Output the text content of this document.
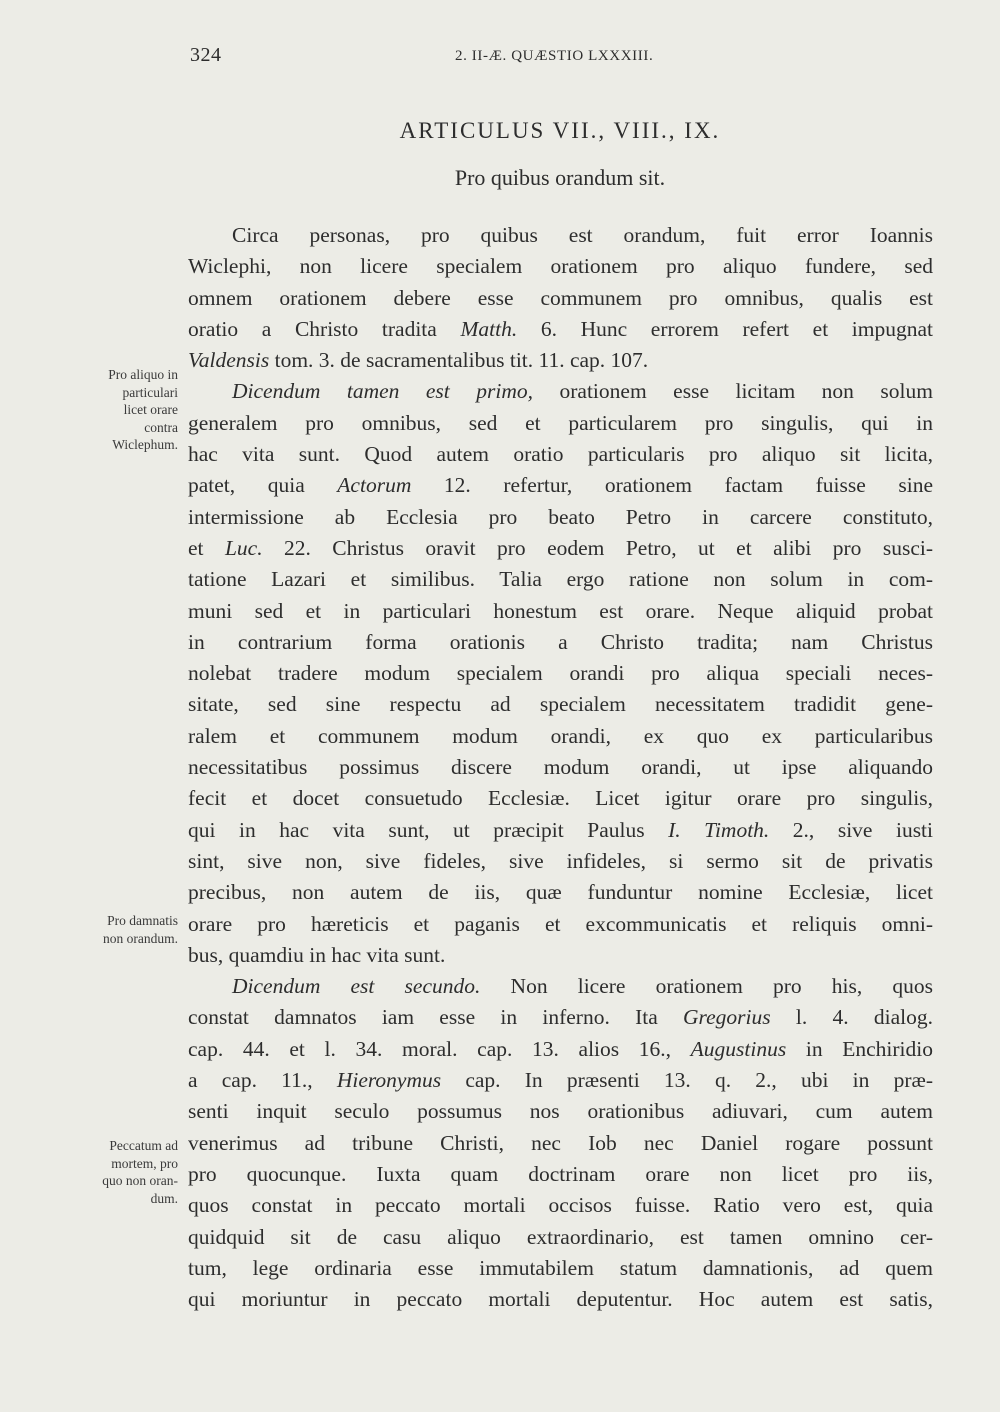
324	2. II-Æ. QUÆSTIO LXXXIII.
ARTICULUS VII., VIII., IX.
Pro quibus orandum sit.
Pro aliquo in
particulari
licet orare
contra
Wiclephum.
Pro damnatis
non orandum.
Peccatum ad
mortem, pro
quo non oran-
dum.
Circa personas, pro quibus est orandum, fuit error Ioannis
Wiclephi, non licere specialem orationem pro aliquo fundere, sed
omnem orationem debere esse communem pro omnibus, qualis est
oratio a Christo tradita Matth. 6. Hunc errorem refert et impugnat
Valdensis tom. 3. de sacramentalibus tit. 11. cap. 107.
Dicendum tamen est primo, orationem esse licitam non solum
generalem pro omnibus, sed et particularem pro singulis, qui in
hac vita sunt. Quod autem oratio particularis pro aliquo sit licita,
patet, quia Actorum 12. refertur, orationem factam fuisse sine
intermissione ab Ecclesia pro beato Petro in carcere constituto,
et Luc. 22. Christus oravit pro eodem Petro, ut et alibi pro susci-
tatione Lazari et similibus. Talia ergo ratione non solum in com-
muni sed et in particulari honestum est orare. Neque aliquid probat
in contrarium forma orationis a Christo tradita; nam Christus
nolebat tradere modum specialem orandi pro aliqua speciali neces-
sitate, sed sine respectu ad specialem necessitatem tradidit gene-
ralem et communem modum orandi, ex quo ex particularibus
necessitatibus possimus discere modum orandi, ut ipse aliquando
fecit et docet consuetudo Ecclesiæ. Licet igitur orare pro singulis,
qui in hac vita sunt, ut præcipit Paulus I. Timoth. 2., sive iusti
sint, sive non, sive fideles, sive infideles, si sermo sit de privatis
precibus, non autem de iis, quæ funduntur nomine Ecclesiæ, licet
orare pro hæreticis et paganis et excommunicatis et reliquis omni-
bus, quamdiu in hac vita sunt.
Dicendum est secundo. Non licere orationem pro his, quos
constat damnatos iam esse in inferno. Ita Gregorius l. 4. dialog.
cap. 44. et l. 34. moral. cap. 13. alios 16., Augustinus in Enchiridio
a cap. 11., Hieronymus cap. In præsenti 13. q. 2., ubi in præ-
senti inquit seculo possumus nos orationibus adiuvari, cum autem
venerimus ad tribune Christi, nec Iob nec Daniel rogare possunt
pro quocunque. Iuxta quam doctrinam orare non licet pro iis,
quos constat in peccato mortali occisos fuisse. Ratio vero est, quia
quidquid sit de casu aliquo extraordinario, est tamen omnino cer-
tum, lege ordinaria esse immutabilem statum damnationis, ad quem
qui moriuntur in peccato mortali deputentur. Hoc autem est satis,
